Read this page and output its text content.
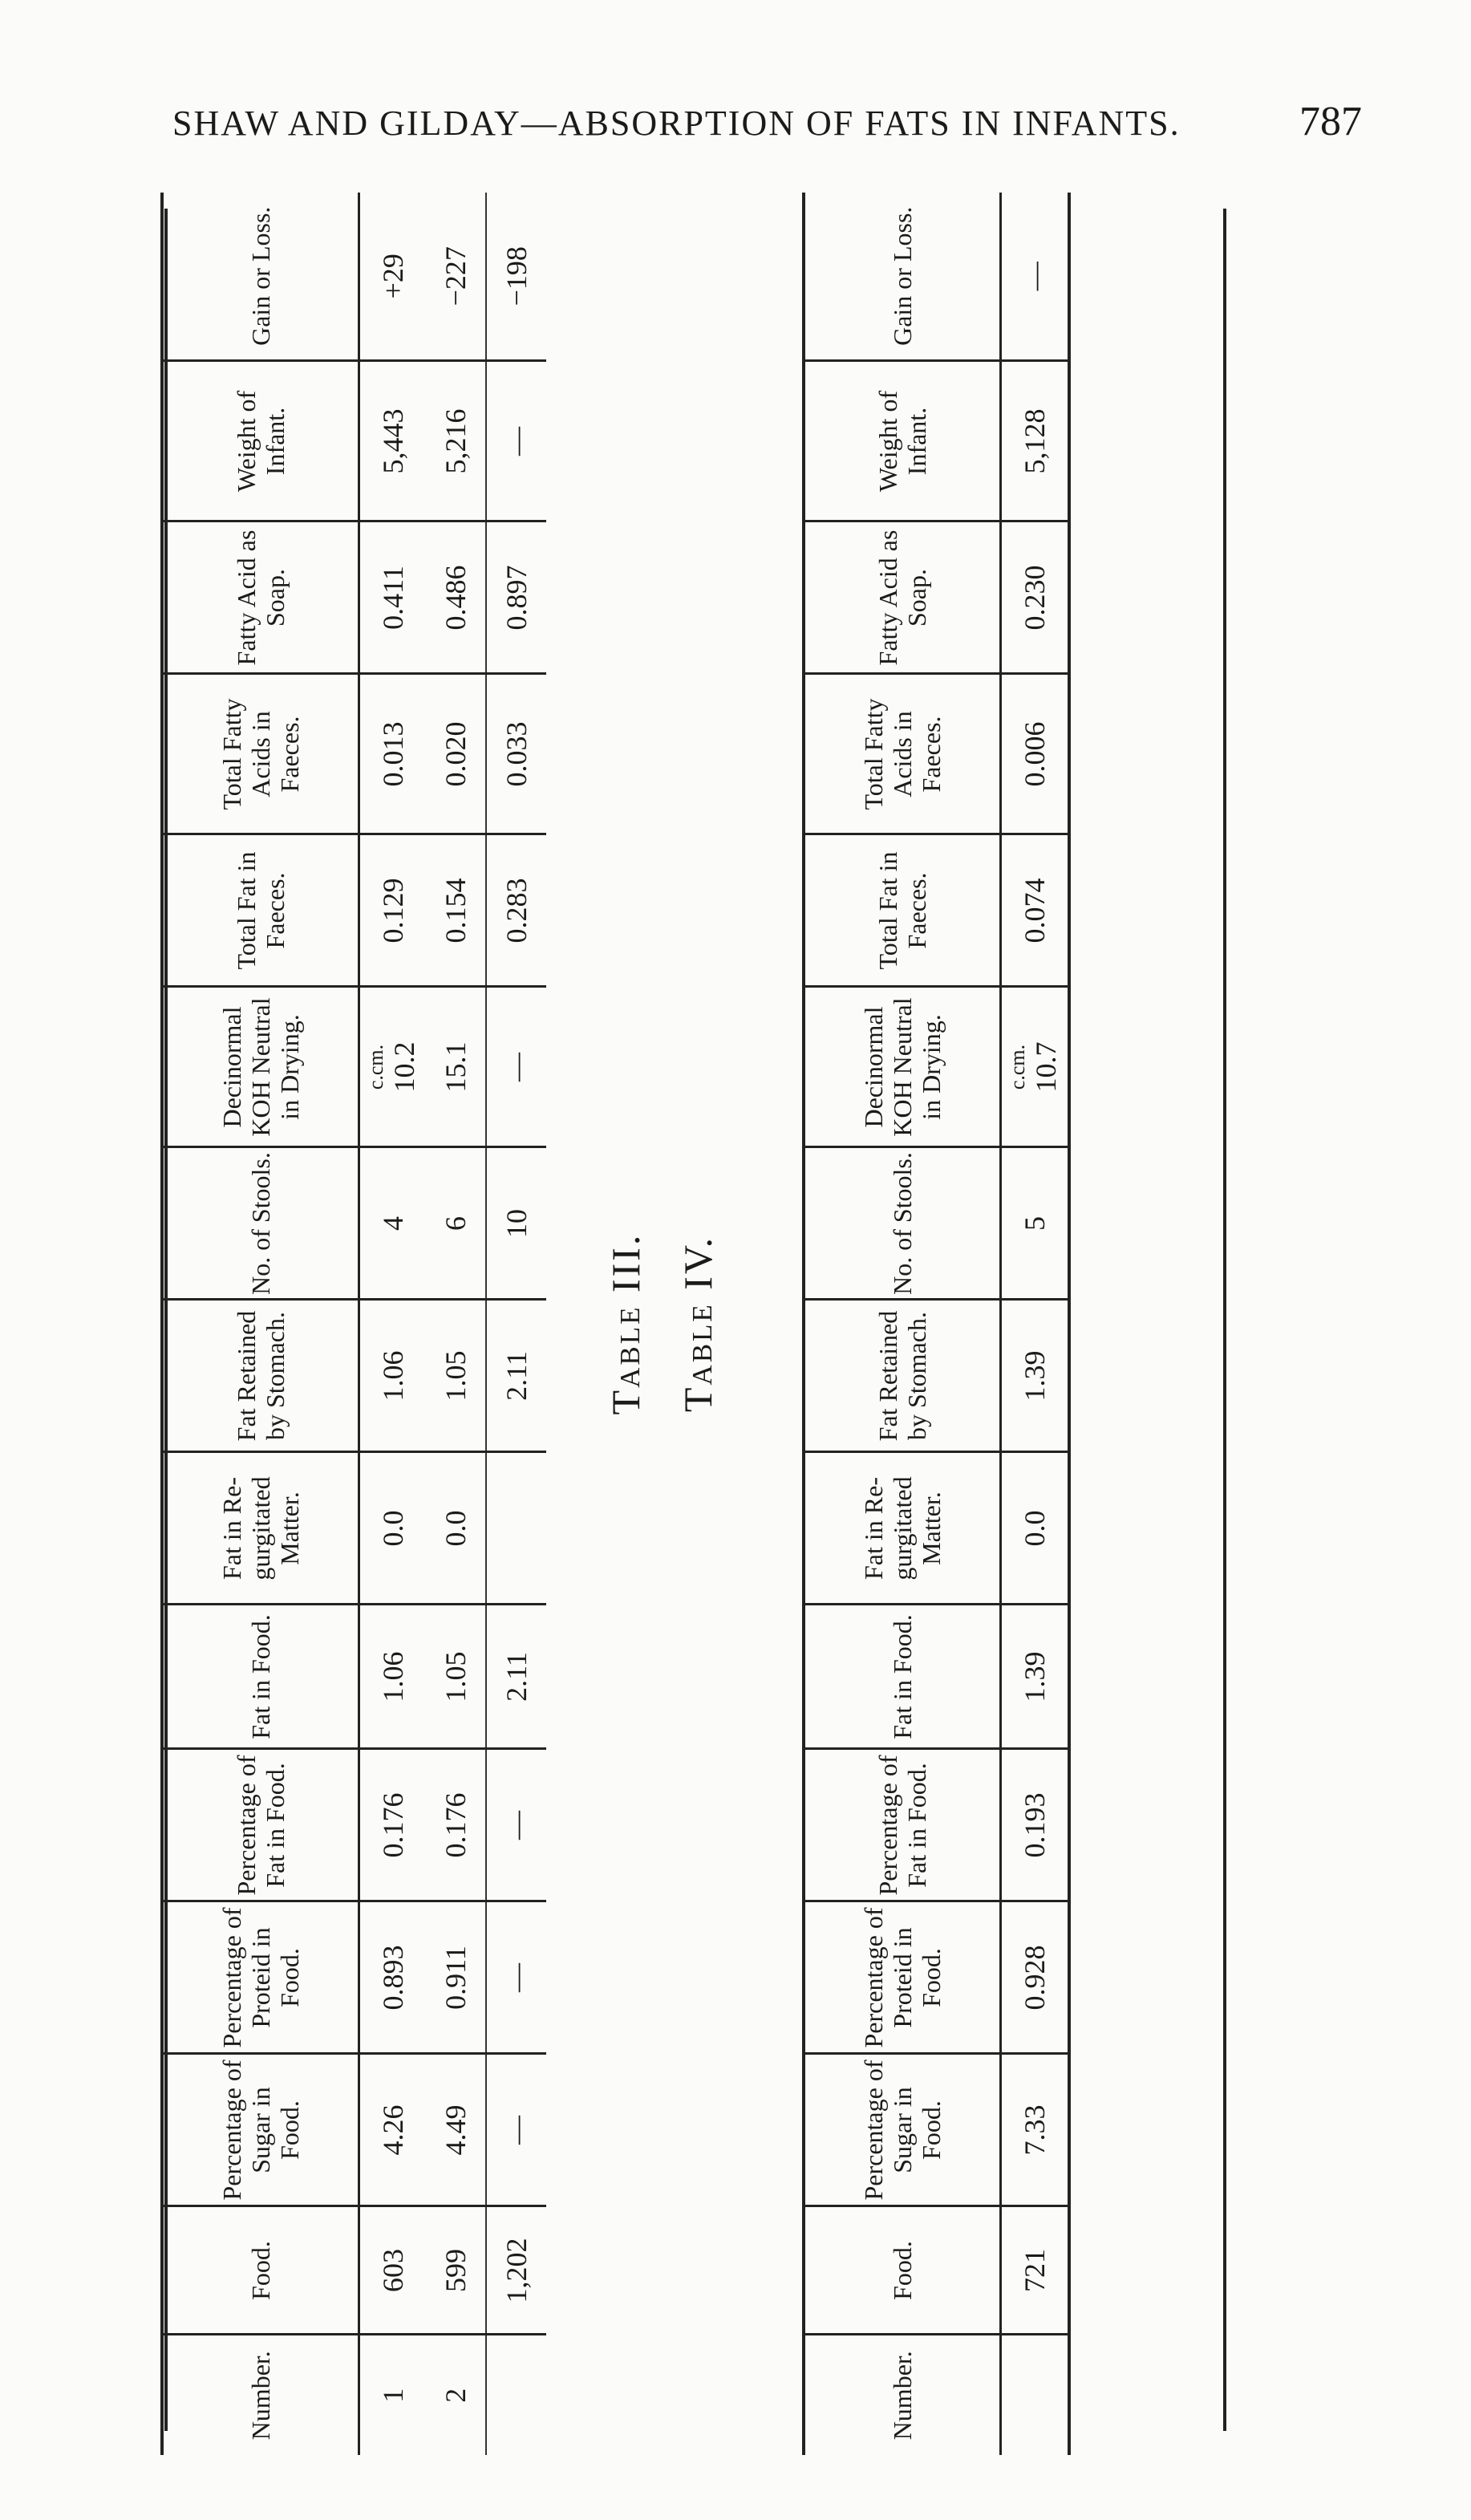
SHAW AND GILDAY—ABSORPTION OF FATS IN INFANTS.	787
Number.	Food.	Percentage of Sugar in Food.	Percentage of Proteid in Food.	Percentage of Fat in Food.	Fat in Food.	Fat in Re- gurgitated Matter.	Fat Retained by Stomach.	No. of Stools.	Decinormal KOH Neutral in Drying.	Total Fat in Faeces.	Total Fatty Acids in Faeces.	Fatty Acid as Soap.	Weight of Infant.	Gain or Loss.
1	603	4.26	0.893	0.176	1.06	0.0	1.06	4	c.cm. 10.2	0.129	0.013	0.411	5,443	+29
2	599	4.49	0.911	0.176	1.05	0.0	1.05	6	15.1	0.154	0.020	0.486	5,216	−227
	1,202	—	—	—	2.11		2.11	10	—	0.283	0.033	0.897	—	−198
Table III. Table IV.
Number.	Food.	Percentage of Sugar in Food.	Percentage of Proteid in Food.	Percentage of Fat in Food.	Fat in Food.	Fat in Re- gurgitated Matter.	Fat Retained by Stomach.	No. of Stools.	Decinormal KOH Neutral in Drying.	Total Fat in Faeces.	Total Fatty Acids in Faeces.	Fatty Acid as Soap.	Weight of Infant.	Gain or Loss.
	721	7.33	0.928	0.193	1.39	0.0	1.39	5	c.cm. 10.7	0.074	0.006	0.230	5,128	—
